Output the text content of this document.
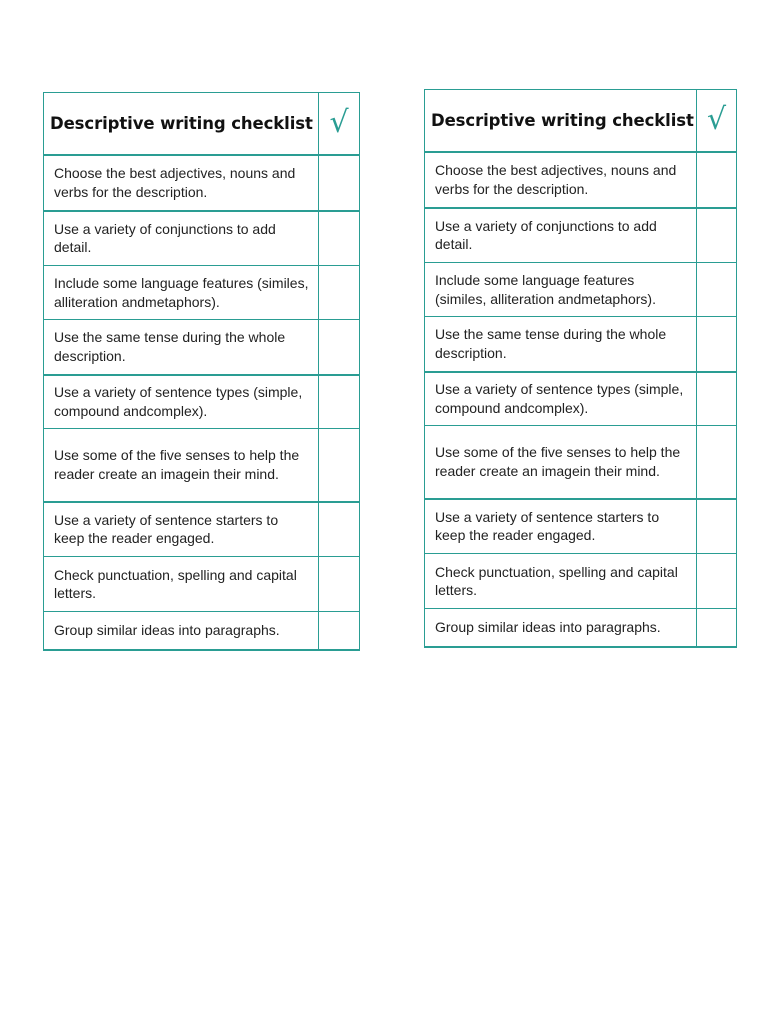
Descriptive writing checklist	√
Choose the best adjectives, nouns and verbs for the description.	
Use a variety of conjunctions to add detail.	
Include some language features (similes, alliteration andmetaphors).	
Use the same tense during the whole description.	
Use a variety of sentence types (simple, compound andcomplex).	
Use some of the five senses to help the reader create an imagein their mind.	
Use a variety of sentence starters to keep the reader engaged.	
Check punctuation, spelling and capital letters.	
Group similar ideas into paragraphs.	
Descriptive writing checklist	√
Choose the best adjectives, nouns and verbs for the description.	
Use a variety of conjunctions to add detail.	
Include some language features (similes, alliteration andmetaphors).	
Use the same tense during the whole description.	
Use a variety of sentence types (simple, compound andcomplex).	
Use some of the five senses to help the reader create an imagein their mind.	
Use a variety of sentence starters to keep the reader engaged.	
Check punctuation, spelling and capital letters.	
Group similar ideas into paragraphs.	
